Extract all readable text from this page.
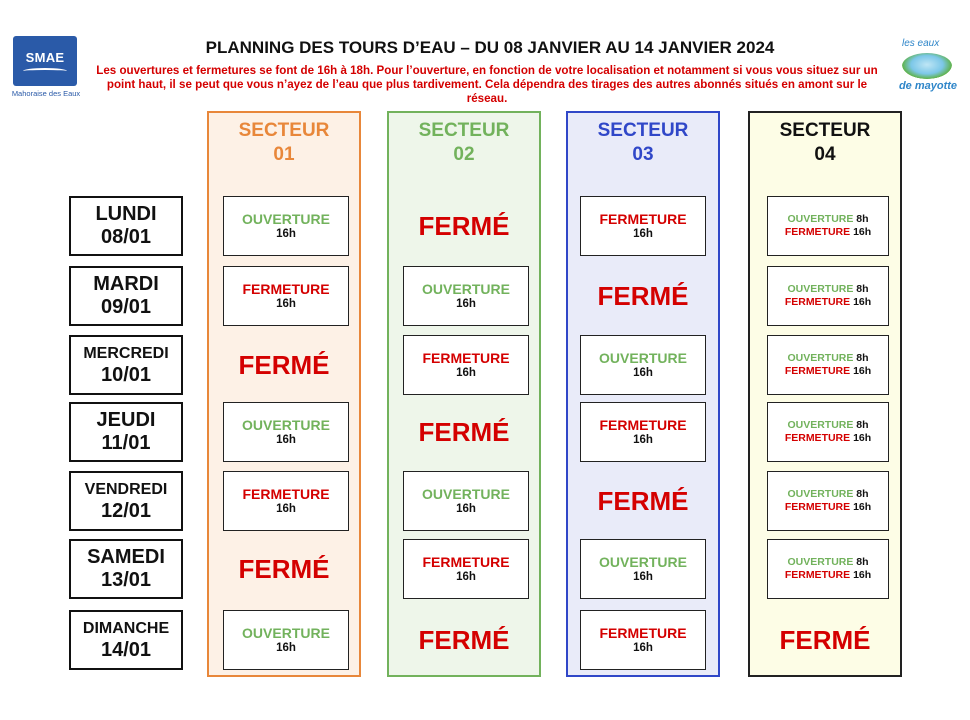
PLANNING DES TOURS D’EAU – DU 08 JANVIER AU 14 JANVIER 2024
Les ouvertures et fermetures se font de 16h à 18h. Pour l’ouverture, en fonction de votre localisation et notamment si vous vous situez sur un point haut, il se peut que vous n’ayez de l’eau que plus tardivement. Cela dépendra des tirages des autres abonnés situés en amont sur le réseau.
SMAE
Mahoraise des Eaux
les eaux
de mayotte
LUNDI
08/01
MARDI
09/01
MERCREDI
10/01
JEUDI
11/01
VENDREDI
12/01
SAMEDI
13/01
DIMANCHE
14/01
SECTEUR
01
OUVERTURE
16h
FERMETURE
16h
FERMÉ
OUVERTURE
16h
FERMETURE
16h
FERMÉ
OUVERTURE
16h
SECTEUR
02
FERMÉ
OUVERTURE
16h
FERMETURE
16h
FERMÉ
OUVERTURE
16h
FERMETURE
16h
FERMÉ
SECTEUR
03
FERMETURE
16h
FERMÉ
OUVERTURE
16h
FERMETURE
16h
FERMÉ
OUVERTURE
16h
FERMETURE
16h
SECTEUR
04
OUVERTURE 8h
FERMETURE 16h
OUVERTURE 8h
FERMETURE 16h
OUVERTURE 8h
FERMETURE 16h
OUVERTURE 8h
FERMETURE 16h
OUVERTURE 8h
FERMETURE 16h
OUVERTURE 8h
FERMETURE 16h
FERMÉ
